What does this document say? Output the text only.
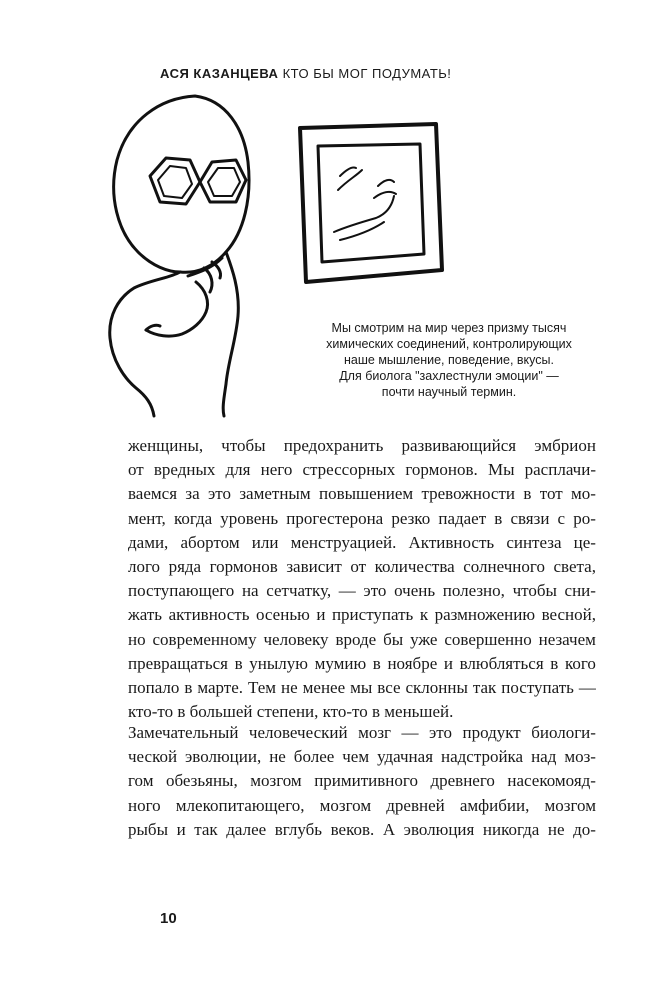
АСЯ КАЗАНЦЕВА КТО БЫ МОГ ПОДУМАТЬ!
Мы смотрим на мир через призму тысяч
химических соединений, контролирующих
наше мышление, поведение, вкусы.
Для биолога "захлестнули эмоции" —
почти научный термин.
женщины, чтобы предохранить развивающийся эмбрион
от вредных для него стрессорных гормонов. Мы расплачи-
ваемся за это заметным повышением тревожности в тот мо-
мент, когда уровень прогестерона резко падает в связи с ро-
дами, абортом или менструацией. Активность синтеза це-
лого ряда гормонов зависит от количества солнечного света,
поступающего на сетчатку, — это очень полезно, чтобы сни-
жать активность осенью и приступать к размножению весной,
но современному человеку вроде бы уже совершенно незачем
превращаться в унылую мумию в ноябре и влюбляться в кого
попало в марте. Тем не менее мы все склонны так поступать —
кто-то в большей степени, кто-то в меньшей.
Замечательный человеческий мозг — это продукт биологи-
ческой эволюции, не более чем удачная надстройка над моз-
гом обезьяны, мозгом примитивного древнего насекомояд-
ного млекопитающего, мозгом древней амфибии, мозгом
рыбы и так далее вглубь веков. А эволюция никогда не до-
10
